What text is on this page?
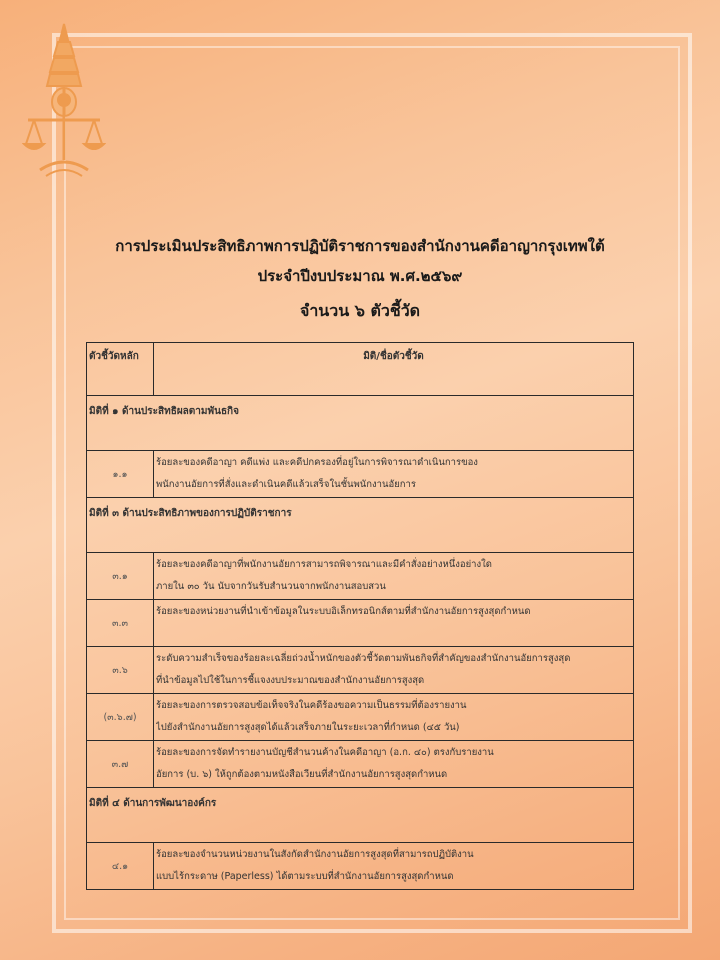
การประเมินประสิทธิภาพการปฏิบัติราชการของสำนักงานคดีอาญากรุงเทพใต้
ประจำปีงบประมาณ พ.ศ.๒๕๖๙
จำนวน ๖ ตัวชี้วัด
ตัวชี้วัดหลัก	มิติ/ชื่อตัวชี้วัด
มิติที่ ๑ ด้านประสิทธิผลตามพันธกิจ	
๑.๑	ร้อยละของคดีอาญา คดีแพ่ง และคดีปกครองที่อยู่ในการพิจารณาดำเนินการของ
พนักงานอัยการที่สั่งและดำเนินคดีแล้วเสร็จในชั้นพนักงานอัยการ

มิติที่ ๓ ด้านประสิทธิภาพของการปฏิบัติราชการ	
๓.๑	ร้อยละของคดีอาญาที่พนักงานอัยการสามารถพิจารณาและมีคำสั่งอย่างหนึ่งอย่างใด
ภายใน ๓๐ วัน นับจากวันรับสำนวนจากพนักงานสอบสวน

๓.๓	ร้อยละของหน่วยงานที่นำเข้าข้อมูลในระบบอิเล็กทรอนิกส์ตามที่สำนักงานอัยการสูงสุดกำหนด

๓.๖	ระดับความสำเร็จของร้อยละเฉลี่ยถ่วงน้ำหนักของตัวชี้วัดตามพันธกิจที่สำคัญของสำนักงานอัยการสูงสุด
ที่นำข้อมูลไปใช้ในการชี้แจงงบประมาณของสำนักงานอัยการสูงสุด

(๓.๖.๗)	ร้อยละของการตรวจสอบข้อเท็จจริงในคดีร้องขอความเป็นธรรมที่ต้องรายงาน
ไปยังสำนักงานอัยการสูงสุดได้แล้วเสร็จภายในระยะเวลาที่กำหนด (๔๕ วัน)

๓.๗	ร้อยละของการจัดทำรายงานบัญชีสำนวนค้างในคดีอาญา (อ.ก. ๔๐) ตรงกับรายงาน
อัยการ (บ. ๖) ให้ถูกต้องตามหนังสือเวียนที่สำนักงานอัยการสูงสุดกำหนด

มิติที่ ๔ ด้านการพัฒนาองค์กร	
๔.๑	ร้อยละของจำนวนหน่วยงานในสังกัดสำนักงานอัยการสูงสุดที่สามารถปฏิบัติงาน
แบบไร้กระดาษ (Paperless) ได้ตามระบบที่สำนักงานอัยการสูงสุดกำหนด
